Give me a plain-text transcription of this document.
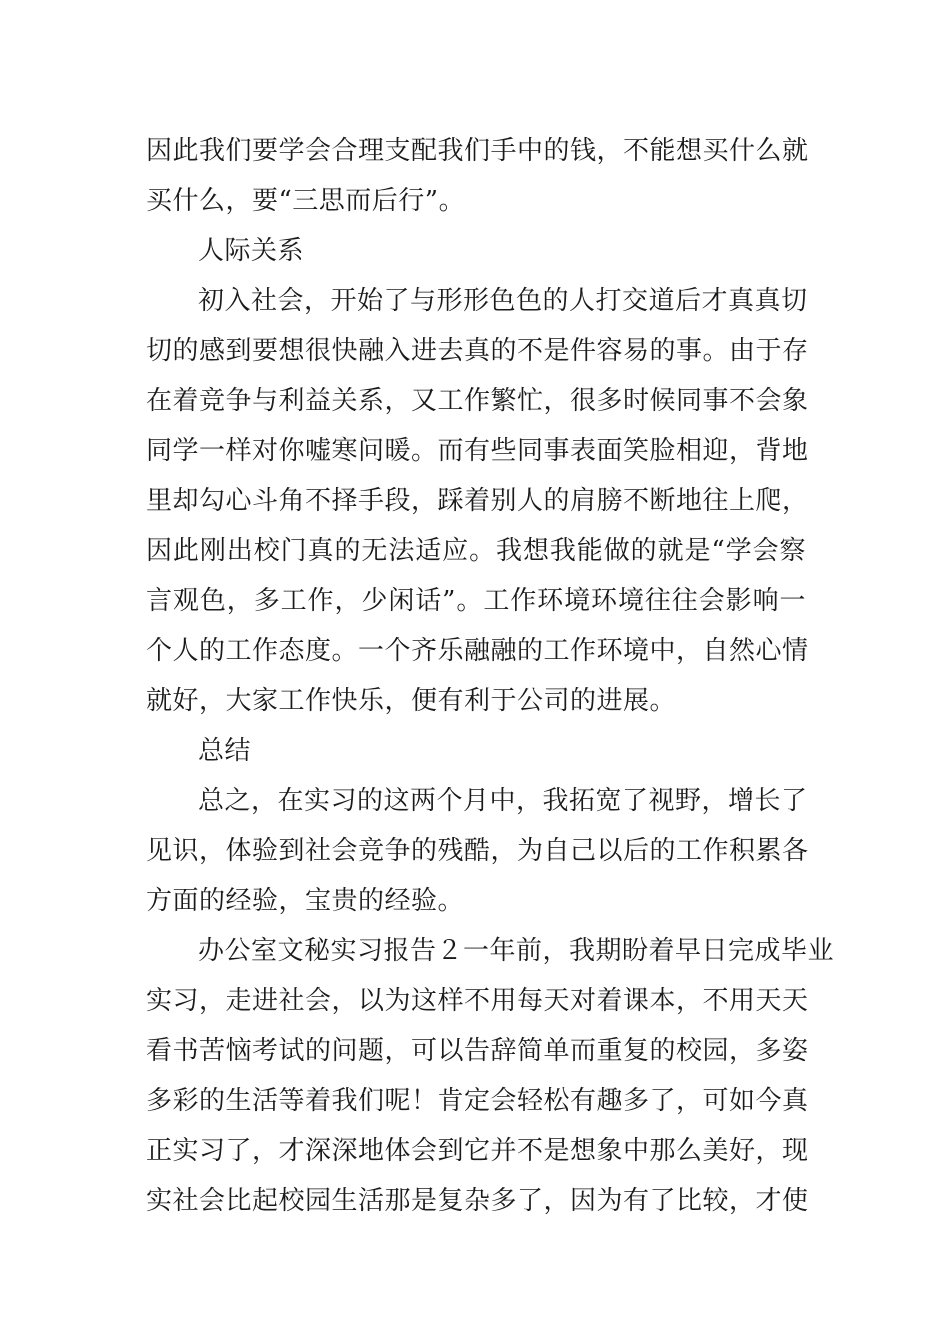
因此我们要学会合理支配我们手中的钱，不能想买什么就
买什么，要“三思而后行”。
人际关系
初入社会，开始了与形形色色的人打交道后才真真切
切的感到要想很快融入进去真的不是件容易的事。由于存
在着竞争与利益关系，又工作繁忙，很多时候同事不会象
同学一样对你嘘寒问暖。而有些同事表面笑脸相迎，背地
里却勾心斗角不择手段，踩着别人的肩膀不断地往上爬，
因此刚出校门真的无法适应。我想我能做的就是“学会察
言观色，多工作，少闲话”。工作环境环境往往会影响一
个人的工作态度。一个齐乐融融的工作环境中，自然心情
就好，大家工作快乐，便有利于公司的进展。
总结
总之，在实习的这两个月中，我拓宽了视野，增长了
见识，体验到社会竞争的残酷，为自己以后的工作积累各
方面的经验，宝贵的经验。
办公室文秘实习报告２一年前，我期盼着早日完成毕业
实习，走进社会，以为这样不用每天对着课本，不用天天
看书苦恼考试的问题，可以告辞简单而重复的校园，多姿
多彩的生活等着我们呢！肯定会轻松有趣多了，可如今真
正实习了，才深深地体会到它并不是想象中那么美好，现
实社会比起校园生活那是复杂多了，因为有了比较，才使
